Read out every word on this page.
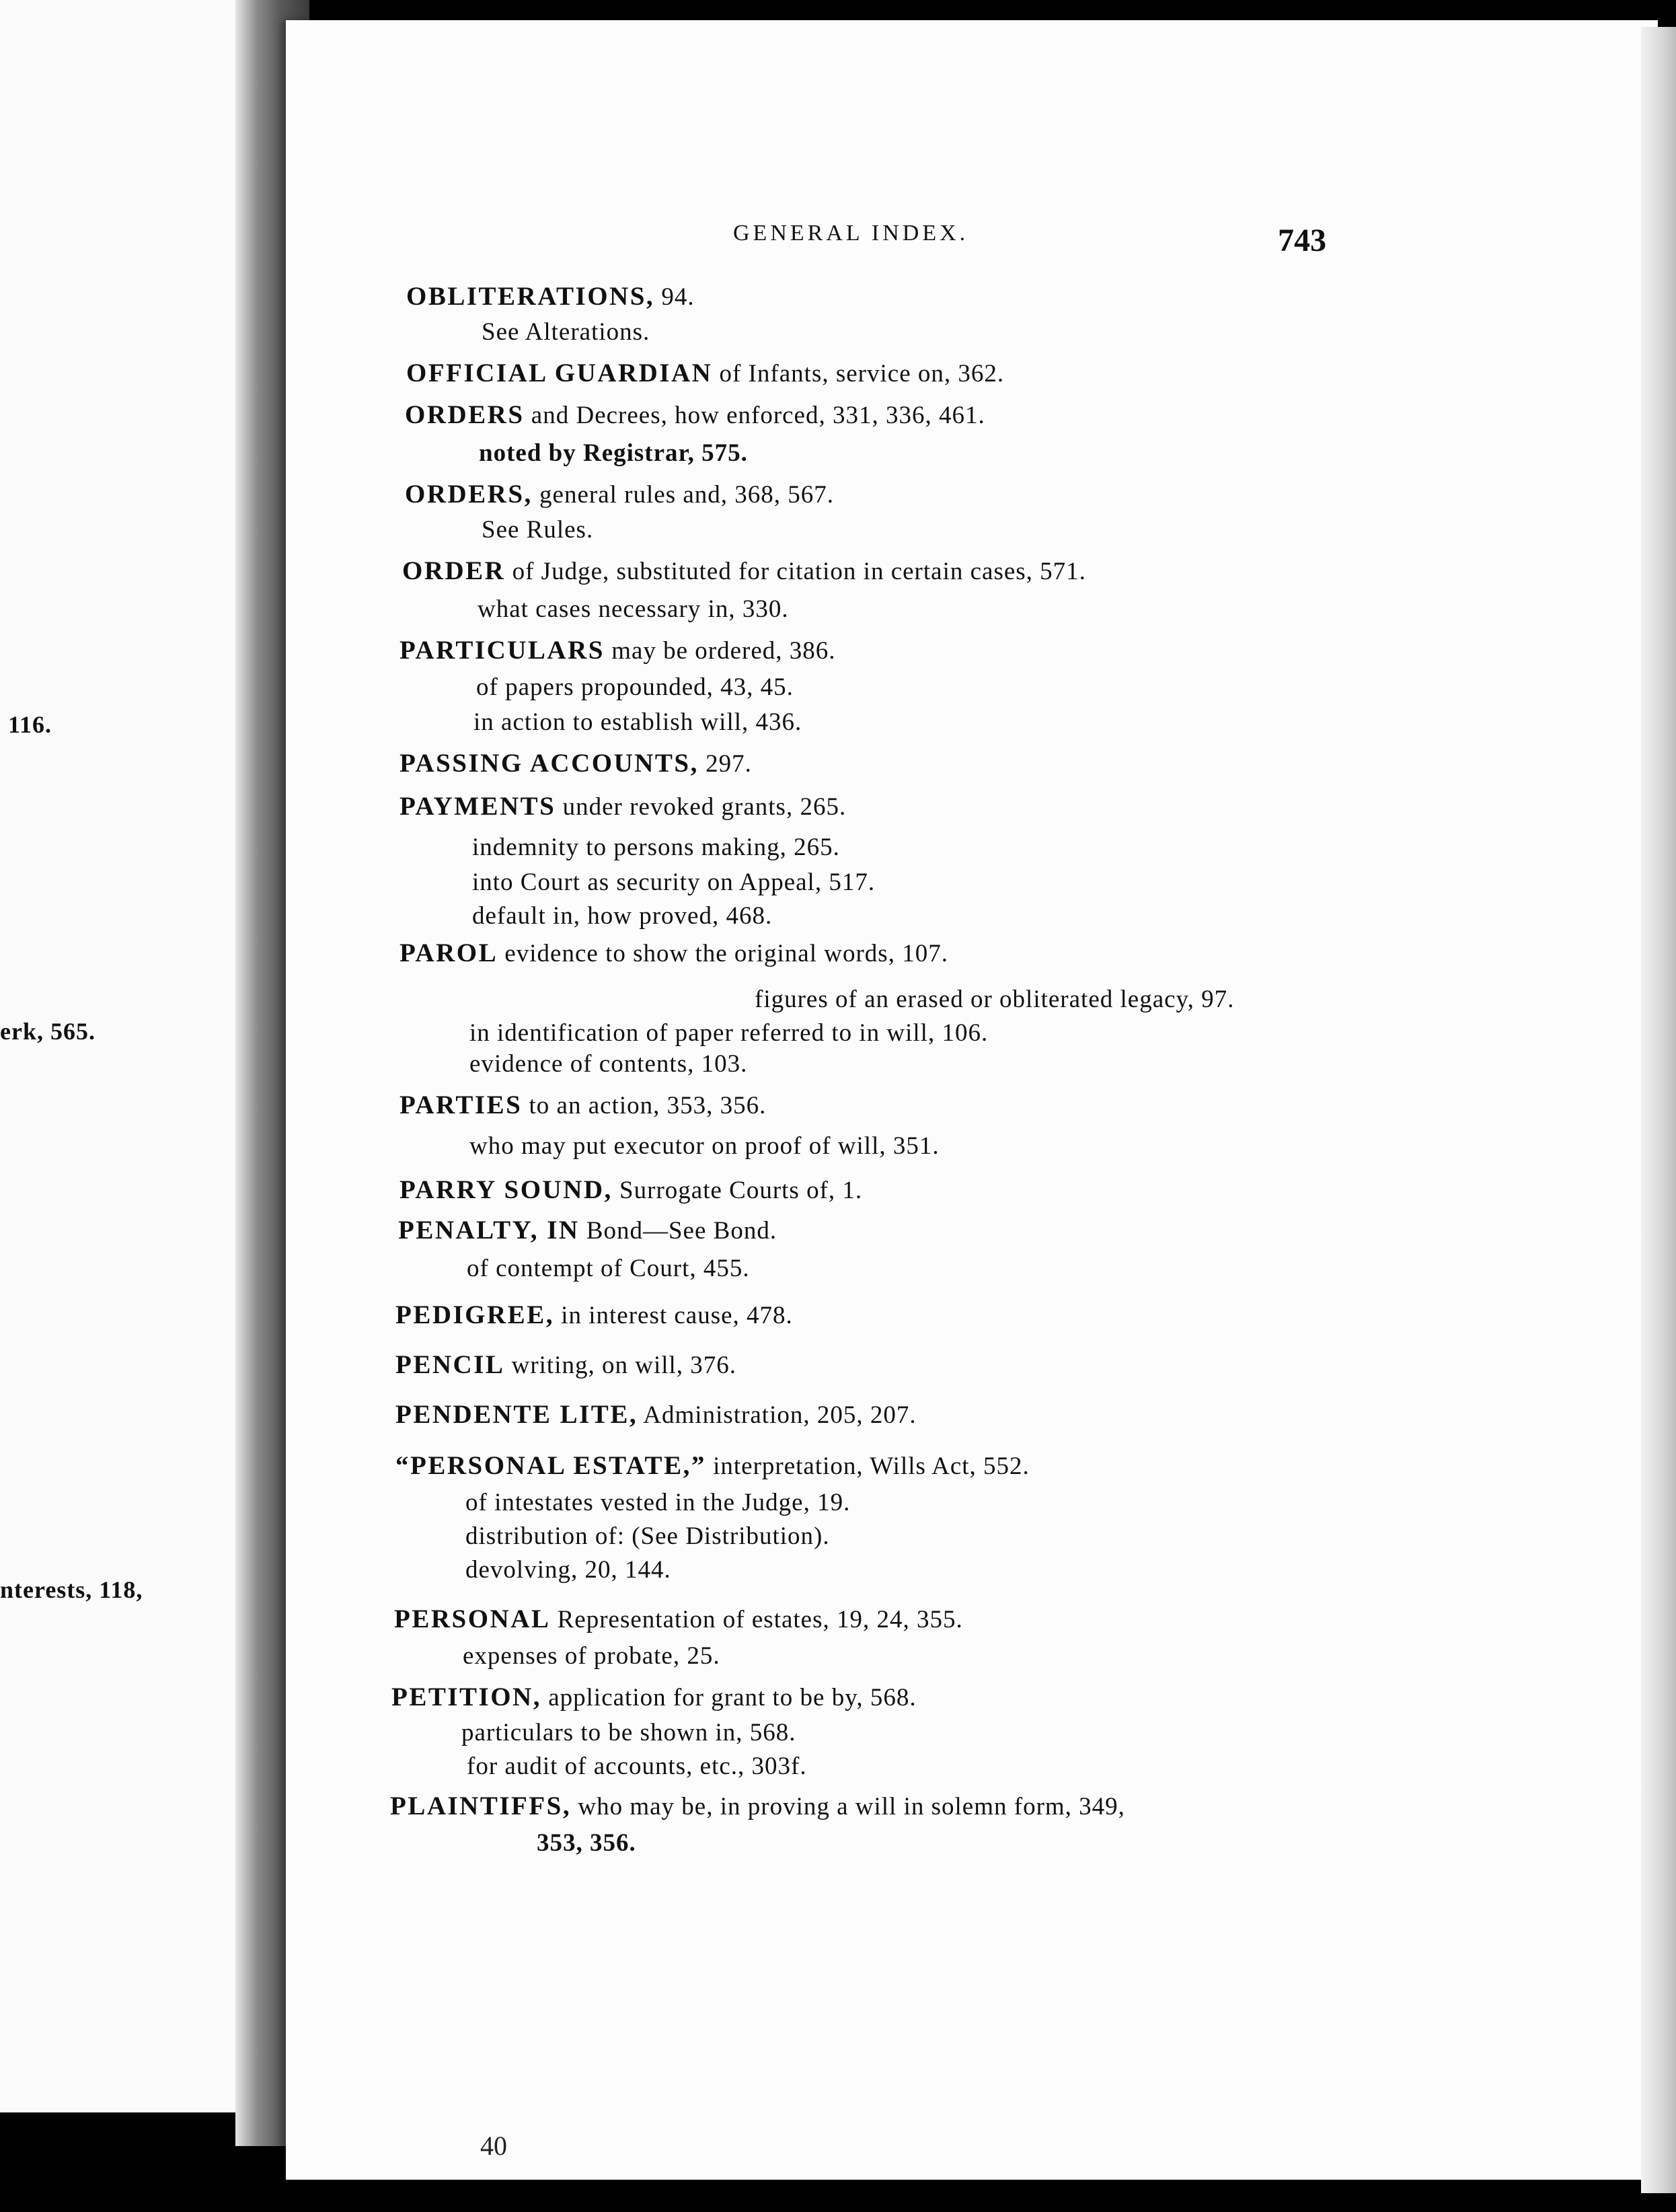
116.
erk, 565.
nterests, 118,
GENERAL INDEX.	743
OBLITERATIONS, 94.
See Alterations.
OFFICIAL GUARDIAN of Infants, service on, 362.
ORDERS and Decrees, how enforced, 331, 336, 461.
noted by Registrar, 575.
ORDERS, general rules and, 368, 567.
See Rules.
ORDER of Judge, substituted for citation in certain cases, 571.
what cases necessary in, 330.
PARTICULARS may be ordered, 386.
of papers propounded, 43, 45.
in action to establish will, 436.
PASSING ACCOUNTS, 297.
PAYMENTS under revoked grants, 265.
indemnity to persons making, 265.
into Court as security on Appeal, 517.
default in, how proved, 468.
PAROL evidence to show the original words, 107.
figures of an erased or obliterated legacy, 97.
in identification of paper referred to in will, 106.
evidence of contents, 103.
PARTIES to an action, 353, 356.
who may put executor on proof of will, 351.
PARRY SOUND, Surrogate Courts of, 1.
PENALTY, IN Bond—See Bond.
of contempt of Court, 455.
PEDIGREE, in interest cause, 478.
PENCIL writing, on will, 376.
PENDENTE LITE, Administration, 205, 207.
“PERSONAL ESTATE,” interpretation, Wills Act, 552.
of intestates vested in the Judge, 19.
distribution of: (See Distribution).
devolving, 20, 144.
PERSONAL Representation of estates, 19, 24, 355.
expenses of probate, 25.
PETITION, application for grant to be by, 568.
particulars to be shown in, 568.
for audit of accounts, etc., 303f.
PLAINTIFFS, who may be, in proving a will in solemn form, 349,
353, 356.
40
